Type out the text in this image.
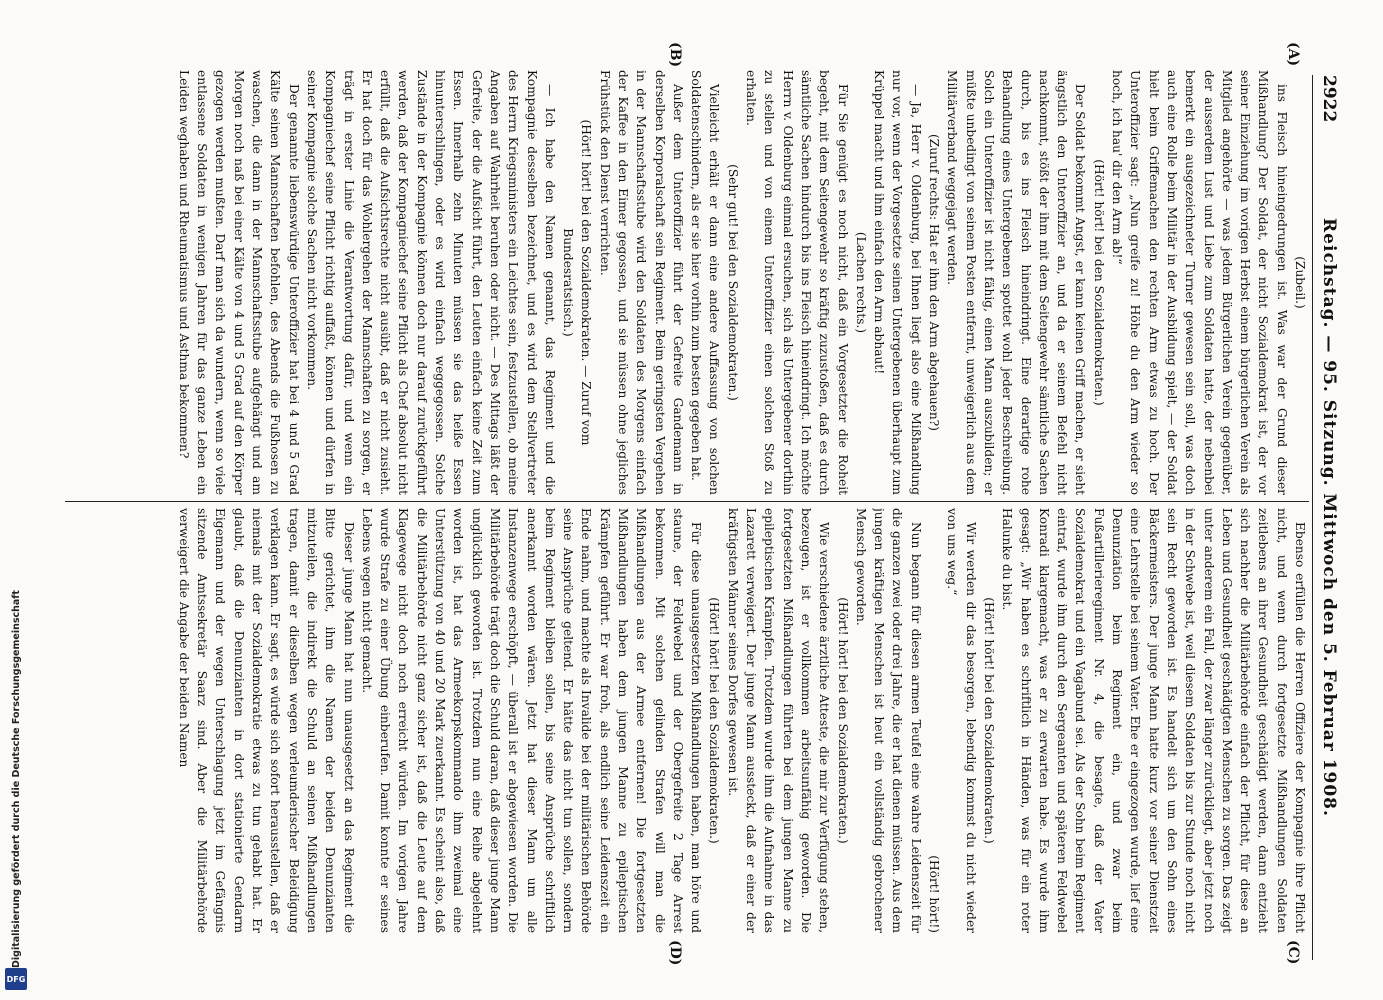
2922
Reichstag. — 95. Sitzung. Mittwoch den 5. Februar 1908.
(A)
(B)
(C)
(D)

(Zubeil.)

ins Fleisch hineingedrungen ist. Was war der Grund dieser Mißhandlung? Der Soldat, der nicht Sozialdemokrat ist, der vor seiner Einziehung im vorigen Herbst einem bürgerlichen Verein als Mitglied angehörte — was jedem Bürgerlichen Verein gegenüber, der ausserdem Lust und Liebe zum Soldaten hatte, der nebenbei bemerkt ein ausgezeichneter Turner gewesen sein soll, was doch auch eine Rolle beim Militär in der Ausbildung spielt, — der Soldat hielt beim Griffemachen den rechten Arm etwas zu hoch. Der Unteroffizier sagt: „Nun greife zu! Höhe du den Arm wieder so hoch, ich hau' dir den Arm ab!“

(Hört! hört! bei den Sozialdemokraten.)

Der Soldat bekommt Angst, er kann keinen Griff machen, er sieht ängstlich den Unteroffizier an, und da er seinem Befehl nicht nachkommt, stößt der ihm mit dem Seitengewehr sämtliche Sachen durch, bis es ins Fleisch hineindringt. Eine derartige rohe Behandlung eines Untergebenen spottet wohl jeder Beschreibung. Solch ein Unteroffizier ist nicht fähig, einen Mann auszubilden; er müßte unbedingt von seinem Posten entfernt, unweigerlich aus dem Militärverband weggejagt werden.

(Zuruf rechts: Hat er ihm den Arm abgehauen?)

— Ja, Herr v. Oldenburg, bei Ihnen liegt also eine Mißhandlung nur vor, wenn der Vorgesetzte seinen Untergebenen überhaupt zum Krüppel macht und ihm einfach den Arm abhaut!

(Lachen rechts.)

Für Sie genügt es noch nicht, daß ein Vorgesetzter die Roheit begeht, mit dem Seitengewehr so kräftig zuzustoßen, daß es durch sämtliche Sachen hindurch bis ins Fleisch hineindringt. Ich möchte Herrn v. Oldenburg einmal ersuchen, sich als Untergebener dorthin zu stellen und von einem Unteroffizier einen solchen Stoß zu erhalten.

(Sehr gut! bei den Sozialdemokraten.)

Vielleicht erhält er dann eine andere Auffassung von solchen Soldatenschindern, als er sie hier vorhin zum besten gegeben hat.

Außer dem Unteroffizier führt der Gefreite Gandemann in derselben Korporalschaft sein Regiment. Beim geringsten Vergehen in der Mannschaftsstube wird den Soldaten des Morgens einfach der Kaffee in den Eimer gegossen, und sie müssen ohne jegliches Frühstück den Dienst verrichten.

(Hört! hört! bei den Sozialdemokraten. — Zuruf vom Bundesratstisch.)

— Ich habe den Namen genannt, das Regiment und die Kompagnie desselben bezeichnet, und es wird dem Stellvertreter des Herrn Kriegsministers ein Leichtes sein, festzustellen, ob meine Angaben auf Wahrheit beruhen oder nicht. — Des Mittags läßt der Gefreite, der die Aufsicht führt, den Leuten einfach keine Zeit zum Essen. Innerhalb zehn Minuten müssen sie das heiße Essen hinunterschlingen, oder es wird einfach weggegossen. Solche Zustände in der Kompagnie können doch nur darauf zurückgeführt werden, daß der Kompagniechef seine Pflicht als Chef absolut nicht erfüllt, daß die Aufsichtsrechte nicht ausübt, daß er nicht zusieht. Er hat doch für das Wohlergehen der Mannschaften zu sorgen, er trägt in erster Linie die Verantwortung dafür, und wenn ein Kompagniechef seine Pflicht richtig auffaßt, können und dürfen in seiner Kompagnie solche Sachen nicht vorkommen.

Der genannte liebenswürdige Unteroffizier hat bei 4 und 5 Grad Kälte seinen Mannschaften befohlen, des Abends die Fußhosen zu waschen, die dann in der Mannschaftsstube aufgehängt und am Morgen noch naß bei einer Kälte von 4 und 5 Grad auf den Körper gezogen werden mußten. Darf man sich da wundern, wenn so viele entlassene Soldaten in wenigen Jahren für das ganze Leben ein Leiden weghaben und Rheumatismus und Asthma bekommen?

Ebenso erfüllen die Herren Offiziere der Kompagnie ihre Pflicht nicht, und wenn durch fortgesetzte Mißhandlungen Soldaten zeitlebens an ihrer Gesundheit geschädigt werden, dann entzieht sich nachher die Militärbehörde einfach der Pflicht, für diese an Leben und Gesundheit geschädigten Menschen zu sorgen. Das zeigt unter anderem ein Fall, der zwar länger zurückliegt, aber jetzt noch in der Schwebe ist, weil diesem Soldaten bis zur Stunde noch nicht sein Recht geworden ist. Es handelt sich um den Sohn eines Bäckermeisters. Der junge Mann hatte kurz vor seiner Dienstzeit eine Lehrstelle bei seinem Vater. Ehe er eingezogen wurde, lief eine Denunziation beim Regiment ein, und zwar beim Fußartillerieregiment Nr. 4, die besagte, daß der Vater Sozialdemokrat und ein Vagabund sei. Als der Sohn beim Regiment eintraf, wurde ihm durch den Sergeanten und späteren Feldwebel Konradi klargemacht, was er zu erwarten habe. Es wurde ihm gesagt: „Wir haben es schriftlich in Händen, was für ein roter Halunke du bist.

(Hört! hört! bei den Sozialdemokraten.)

Wir werden dir das besorgen, lebendig kommst du nicht wieder von uns weg.“

(Hört! hört!)

Nun begann für diesen armen Teufel eine wahre Leidenszeit für die ganzen zwei oder drei Jahre, die er hat dienen müssen. Aus dem jungen kräftigen Menschen ist heut ein vollständig gebrochener Mensch geworden.

(Hört! hört! bei den Sozialdemokraten.)

Wie verschiedene ärztliche Atteste, die mir zur Verfügung stehen, bezeugen, ist er vollkommen arbeitsunfähig geworden. Die fortgesetzten Mißhandlungen führten bei dem jungen Manne zu epileptischen Krämpfen. Trotzdem wurde ihm die Aufnahme in das Lazarett verweigert. Der junge Mann aussteckt, daß er einer der kräftigsten Männer seines Dorfes gewesen ist.

(Hört! hört! bei den Sozialdemokraten.)

Für diese unausgesetzten Mißhandlungen haben, man höre und staune, der Feldwebel und der Obergefreite 2 Tage Arrest bekommen. Mit solchen gelinden Strafen will man die Mißhandlungen aus der Armee entfernen! Die fortgesetzten Mißhandlungen haben dem jungen Manne zu epileptischen Krämpfen geführt. Er war froh, als endlich seine Leidenszeit ein Ende nahm, und machte als Invalide bei der militärischen Behörde seine Ansprüche geltend. Er hätte das nicht tun sollen, sondern beim Regiment bleiben sollen, bis seine Ansprüche schriftlich anerkannt worden wären. Jetzt hat dieser Mann um alle Instanzenwege erschöpft, — überall ist er abgewiesen worden. Die Militärbehörde trägt doch die Schuld daran, daß dieser junge Mann unglücklich geworden ist. Trotzdem nun eine Reihe abgelehnt worden ist, hat das Armeekorpskommando ihm zweimal eine Unterstützung von 40 und 20 Mark zuerkannt. Es scheint also, daß die Militärbehörde nicht ganz sicher ist, daß die Leute auf dem Klagewege nicht doch noch erreicht würden. Im vorigen Jahre wurde Strafe zu einer Übung einberufen. Damit konnte er seines Lebens wegen nicht gemacht.

Dieser junge Mann hat nun unausgesetzt an das Regiment die Bitte gerichtet, ihm die Namen der beiden Denunzianten mitzuteilen, die indirekt die Schuld an seinen Mißhandlungen tragen, damit er dieselben wegen verleumderischer Beleidigung verklagen kann. Er sagt, es würde sich sofort herausstellen, daß er niemals mit der Sozialdemokratie etwas zu tun gehabt hat. Er glaubt, daß die Denunzianten in dort stationierte Gendarm Eigemann und der wegen Unterschlagung jetzt im Gefängnis sitzende Amtssekretär Saarz sind. Aber die Militärbehörde verweigert die Angabe der beiden Namen

Digitalisierung gefördert durch die Deutsche Forschungsgemeinschaft
DFG
